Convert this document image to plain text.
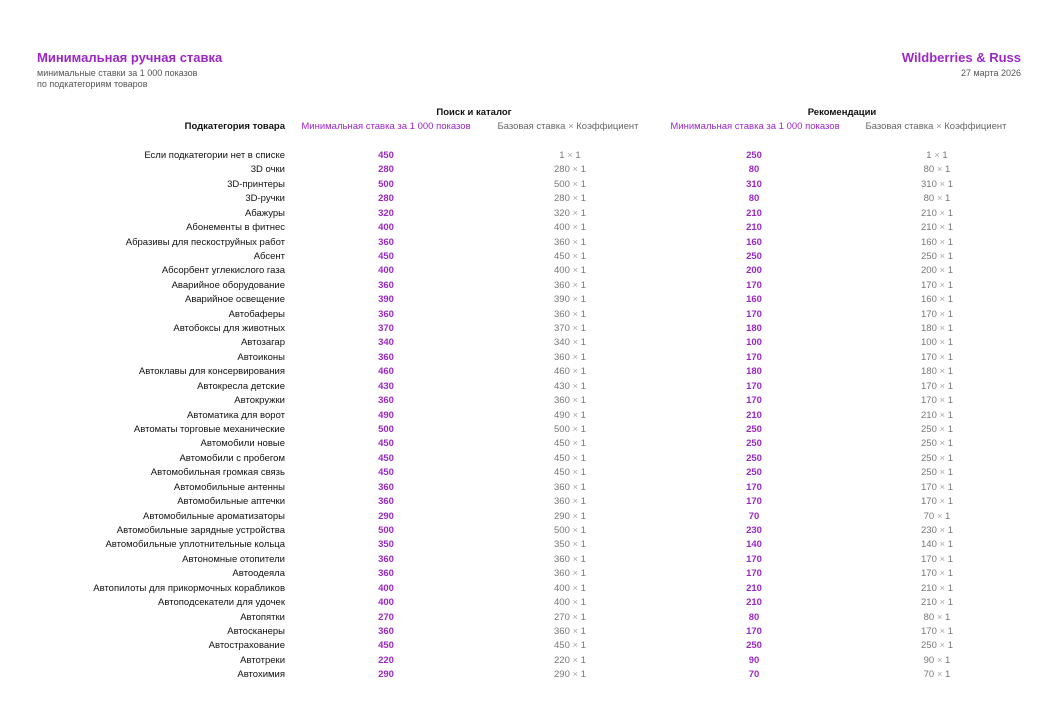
Минимальная ручная ставка
минимальные ставки за 1 000 показов
по подкатегориям товаров
Wildberries & Russ
27 марта 2026
Поиск и каталог	Рекомендации
Подкатегория товара	Минимальная ставка за 1 000 показов	Базовая ставка × Коэффициент	Минимальная ставка за 1 000 показов	Базовая ставка × Коэффициент
Если подкатегории нет в списке	450	1 × 1	250	1 × 1
3D очки	280	280 × 1	80	80 × 1
3D-принтеры	500	500 × 1	310	310 × 1
3D-ручки	280	280 × 1	80	80 × 1
Абажуры	320	320 × 1	210	210 × 1
Абонементы в фитнес	400	400 × 1	210	210 × 1
Абразивы для пескоструйных работ	360	360 × 1	160	160 × 1
Абсент	450	450 × 1	250	250 × 1
Абсорбент углекислого газа	400	400 × 1	200	200 × 1
Аварийное оборудование	360	360 × 1	170	170 × 1
Аварийное освещение	390	390 × 1	160	160 × 1
Автобаферы	360	360 × 1	170	170 × 1
Автобоксы для животных	370	370 × 1	180	180 × 1
Автозагар	340	340 × 1	100	100 × 1
Автоиконы	360	360 × 1	170	170 × 1
Автоклавы для консервирования	460	460 × 1	180	180 × 1
Автокресла детские	430	430 × 1	170	170 × 1
Автокружки	360	360 × 1	170	170 × 1
Автоматика для ворот	490	490 × 1	210	210 × 1
Автоматы торговые механические	500	500 × 1	250	250 × 1
Автомобили новые	450	450 × 1	250	250 × 1
Автомобили с пробегом	450	450 × 1	250	250 × 1
Автомобильная громкая связь	450	450 × 1	250	250 × 1
Автомобильные антенны	360	360 × 1	170	170 × 1
Автомобильные аптечки	360	360 × 1	170	170 × 1
Автомобильные ароматизаторы	290	290 × 1	70	70 × 1
Автомобильные зарядные устройства	500	500 × 1	230	230 × 1
Автомобильные уплотнительные кольца	350	350 × 1	140	140 × 1
Автономные отопители	360	360 × 1	170	170 × 1
Автоодеяла	360	360 × 1	170	170 × 1
Автопилоты для прикормочных корабликов	400	400 × 1	210	210 × 1
Автоподсекатели для удочек	400	400 × 1	210	210 × 1
Автопятки	270	270 × 1	80	80 × 1
Автосканеры	360	360 × 1	170	170 × 1
Автострахование	450	450 × 1	250	250 × 1
Автотреки	220	220 × 1	90	90 × 1
Автохимия	290	290 × 1	70	70 × 1
